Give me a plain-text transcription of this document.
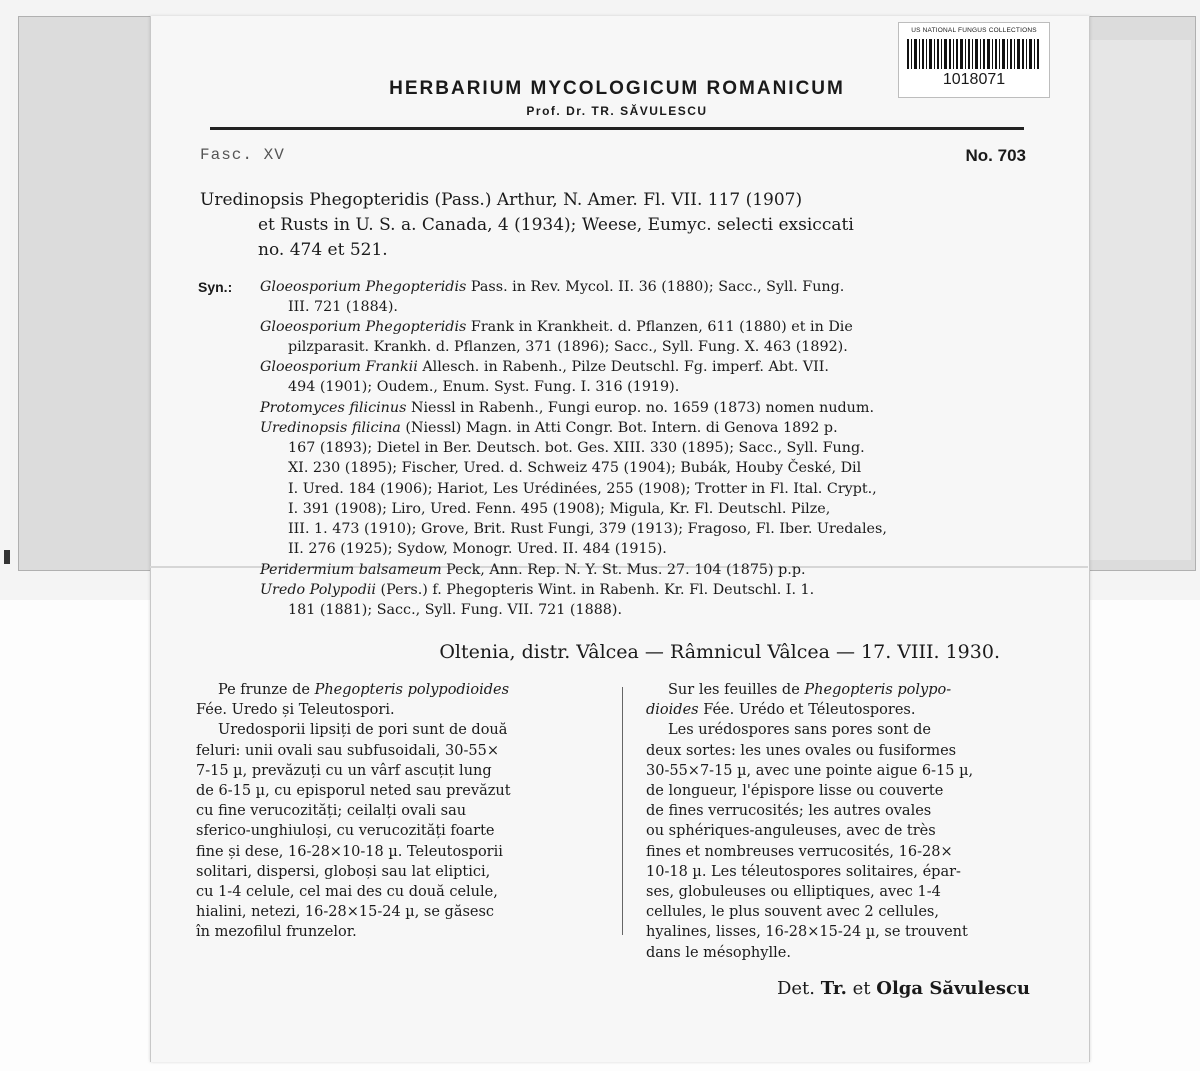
US NATIONAL FUNGUS COLLECTIONS
1018071
HERBARIUM MYCOLOGICUM ROMANICUM
Prof. Dr. TR. SĂVULESCU
Fasc. XV	No. 703
Uredinopsis Phegopteridis (Pass.) Arthur, N. Amer. Fl. VII. 117 (1907)
et Rusts in U. S. a. Canada, 4 (1934); Weese, Eumyc. selecti exsiccati
no. 474 et 521.
Syn.: Gloeosporium Phegopteridis Pass. in Rev. Mycol. II. 36 (1880); Sacc., Syll. Fung.
III. 721 (1884).
Gloeosporium Phegopteridis Frank in Krankheit. d. Pflanzen, 611 (1880) et in Die
pilzparasit. Krankh. d. Pflanzen, 371 (1896); Sacc., Syll. Fung. X. 463 (1892).
Gloeosporium Frankii Allesch. in Rabenh., Pilze Deutschl. Fg. imperf. Abt. VII.
494 (1901); Oudem., Enum. Syst. Fung. I. 316 (1919).
Protomyces filicinus Niessl in Rabenh., Fungi europ. no. 1659 (1873) nomen nudum.
Uredinopsis filicina (Niessl) Magn. in Atti Congr. Bot. Intern. di Genova 1892 p.
167 (1893); Dietel in Ber. Deutsch. bot. Ges. XIII. 330 (1895); Sacc., Syll. Fung.
XI. 230 (1895); Fischer, Ured. d. Schweiz 475 (1904); Bubák, Houby České, Dil
I. Ured. 184 (1906); Hariot, Les Urédinées, 255 (1908); Trotter in Fl. Ital. Crypt.,
I. 391 (1908); Liro, Ured. Fenn. 495 (1908); Migula, Kr. Fl. Deutschl. Pilze,
III. 1. 473 (1910); Grove, Brit. Rust Fungi, 379 (1913); Fragoso, Fl. Iber. Uredales,
II. 276 (1925); Sydow, Monogr. Ured. II. 484 (1915).
Peridermium balsameum Peck, Ann. Rep. N. Y. St. Mus. 27. 104 (1875) p.p.
Uredo Polypodii (Pers.) f. Phegopteris Wint. in Rabenh. Kr. Fl. Deutschl. I. 1.
181 (1881); Sacc., Syll. Fung. VII. 721 (1888).
Oltenia, distr. Vâlcea — Râmnicul Vâlcea — 17. VIII. 1930.
Pe frunze de Phegopteris polypodioides
Fée. Uredo și Teleutospori.
Uredosporii lipsiți de pori sunt de două
feluri: unii ovali sau subfusoidali, 30-55×
7-15 µ, prevăzuți cu un vârf ascuțit lung
de 6-15 µ, cu episporul neted sau prevăzut
cu fine verucozități; ceilalți ovali sau
sferico-unghiuloși, cu verucozități foarte
fine și dese, 16-28×10-18 µ. Teleutosporii
solitari, dispersi, globoși sau lat eliptici,
cu 1-4 celule, cel mai des cu două celule,
hialini, netezi, 16-28×15-24 µ, se găsesc
în mezofilul frunzelor.
Sur les feuilles de Phegopteris polypo-
dioides Fée. Urédo et Téleutospores.
Les urédospores sans pores sont de
deux sortes: les unes ovales ou fusiformes
30-55×7-15 µ, avec une pointe aigue 6-15 µ,
de longueur, l'épispore lisse ou couverte
de fines verrucosités; les autres ovales
ou sphériques-anguleuses, avec de très
fines et nombreuses verrucosités, 16-28×
10-18 µ. Les téleutospores solitaires, épar-
ses, globuleuses ou elliptiques, avec 1-4
cellules, le plus souvent avec 2 cellules,
hyalines, lisses, 16-28×15-24 µ, se trouvent
dans le mésophylle.
Det. Tr. et Olga Săvulescu
